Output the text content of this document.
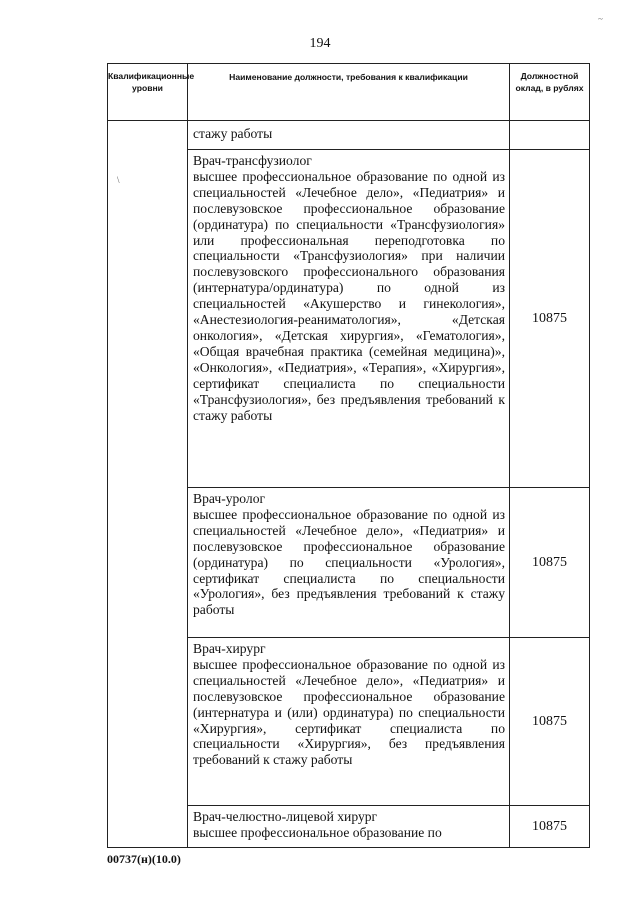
~
194
Квалификационные уровни	Наименование должности, требования к квалификации	Должностной оклад, в рублях

	стажу работы	

	Врач-трансфузиолог
высшее профессиональное образование по одной из специальностей «Лечебное дело», «Педиатрия» и послевузовское профессиональное образование (ординатура) по специальности «Трансфузиология» или профессиональная переподготовка по специальности «Трансфузиология» при наличии послевузовского профессионального образования (интернатура/ординатура) по одной из специальностей «Акушерство и гинекология», «Анестезиология-реаниматология», «Детская онкология», «Детская хирургия», «Гематология», «Общая врачебная практика (семейная медицина)», «Онкология», «Педиатрия», «Терапия», «Хирургия», сертификат специалиста по специальности «Трансфузиология», без предъявления требований к стажу работы	10875

	Врач-уролог
высшее профессиональное образование по одной из специальностей «Лечебное дело», «Педиатрия» и послевузовское профессиональное образование (ординатура) по специальности «Урология», сертификат специалиста по специальности «Урология», без предъявления требований к стажу работы	10875

	Врач-хирург
высшее профессиональное образование по одной из специальностей «Лечебное дело», «Педиатрия» и послевузовское профессиональное образование (интернатура и (или) ординатура) по специальности «Хирургия», сертификат специалиста по специальности «Хирургия», без предъявления требований к стажу работы	10875

	Врач-челюстно-лицевой хирург
высшее профессиональное образование по	10875
\
00737(н)(10.0)
